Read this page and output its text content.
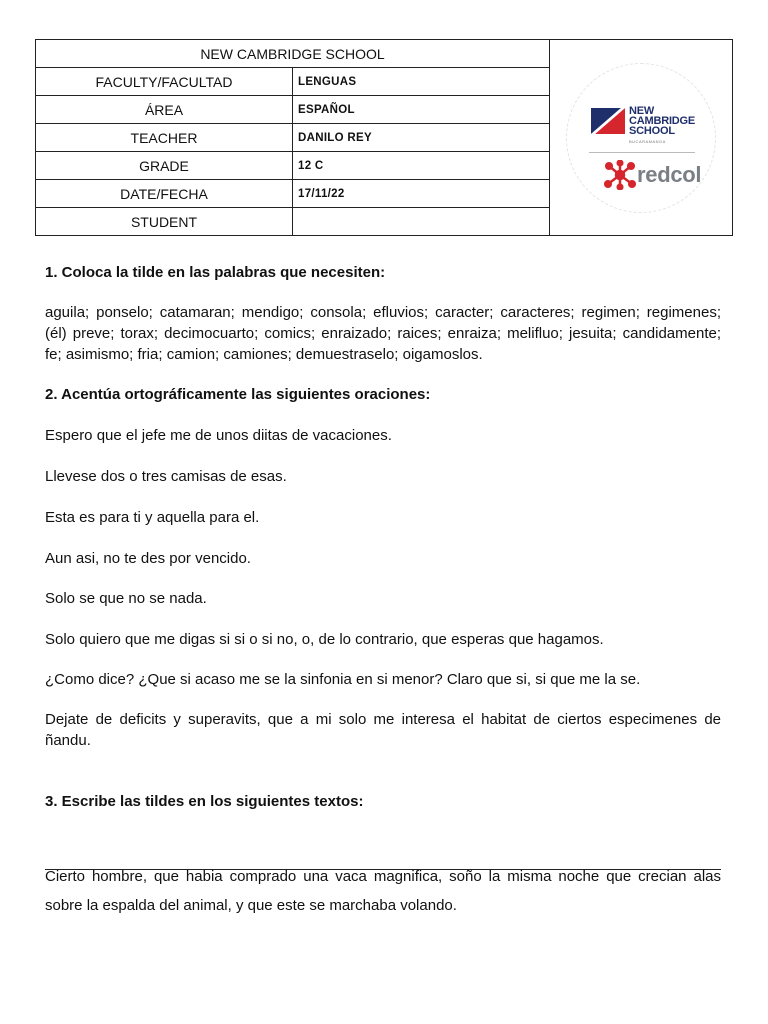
NEW CAMBRIDGE SCHOOL		NEW
CAMBRIDGE
SCHOOL
BUCARAMANGA
redcol

FACULTY/FACULTAD	LENGUAS	
ÁREA	ESPAÑOL	
TEACHER	DANILO REY	
GRADE	12 C	
DATE/FECHA	17/11/22	
STUDENT		

1. Coloca la tilde en las palabras que necesiten:

aguila; ponselo; catamaran; mendigo; consola; efluvios; caracter; caracteres; regimen; regimenes; (él) preve; torax; decimocuarto; comics; enraizado; raices; enraiza; melifluo; jesuita; candidamente; fe; asimismo; fria; camion; camiones; demuestraselo; oigamoslos.

2. Acentúa ortográficamente las siguientes oraciones:

Espero que el jefe me de unos diitas de vacaciones.

Llevese dos o tres camisas de esas.

Esta es para ti y aquella para el.

Aun asi, no te des por vencido.

Solo se que no se nada.

Solo quiero que me digas si si o si no, o, de lo contrario, que esperas que hagamos.

¿Como dice? ¿Que si acaso me se la sinfonia en si menor? Claro que si, si que me la se.

Dejate de deficits y superavits, que a mi solo me interesa el habitat de ciertos especimenes de ñandu.

3. Escribe las tildes en los siguientes textos:

Cierto hombre, que habia comprado una vaca magnifica, soño la misma noche que crecian alas sobre la espalda del animal, y que este se marchaba volando.
